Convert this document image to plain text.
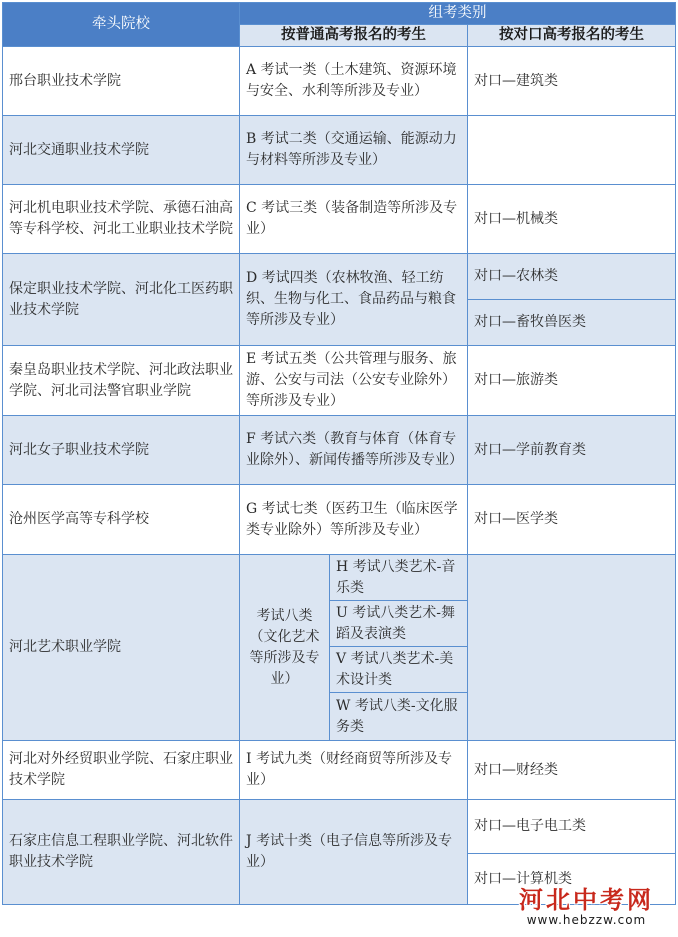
牵头院校	组考类别		
	按普通高考报名的考生		按对口高考报名的考生
邢台职业技术学院	A 考试一类（土木建筑、资源环境与安全、水利等所涉及专业）		对口—建筑类
河北交通职业技术学院	B 考试二类（交通运输、能源动力与材料等所涉及专业）		
河北机电职业技术学院、承德石油高等专科学校、河北工业职业技术学院	C 考试三类（装备制造等所涉及专业）		对口—机械类
保定职业技术学院、河北化工医药职业技术学院	D 考试四类（农林牧渔、轻工纺织、生物与化工、食品药品与粮食等所涉及专业）		对口—农林类
			对口—畜牧兽医类
秦皇岛职业技术学院、河北政法职业学院、河北司法警官职业学院	E 考试五类（公共管理与服务、旅游、公安与司法（公安专业除外）等所涉及专业）		对口—旅游类
河北女子职业技术学院	F 考试六类（教育与体育（体育专业除外）、新闻传播等所涉及专业）		对口—学前教育类
沧州医学高等专科学校	G 考试七类（医药卫生（临床医学类专业除外）等所涉及专业）		对口—医学类
河北艺术职业学院	考试八类（文化艺术等所涉及专业）	H 考试八类艺术-音乐类	
		U 考试八类艺术-舞蹈及表演类	
		V 考试八类艺术-美术设计类	
		W 考试八类-文化服务类	
河北对外经贸职业学院、石家庄职业技术学院	I 考试九类（财经商贸等所涉及专业）		对口—财经类
石家庄信息工程职业学院、河北软件职业技术学院	J 考试十类（电子信息等所涉及专业）		对口—电子电工类
			对口—计算机类
河北中考网
www.hebzzw.com
